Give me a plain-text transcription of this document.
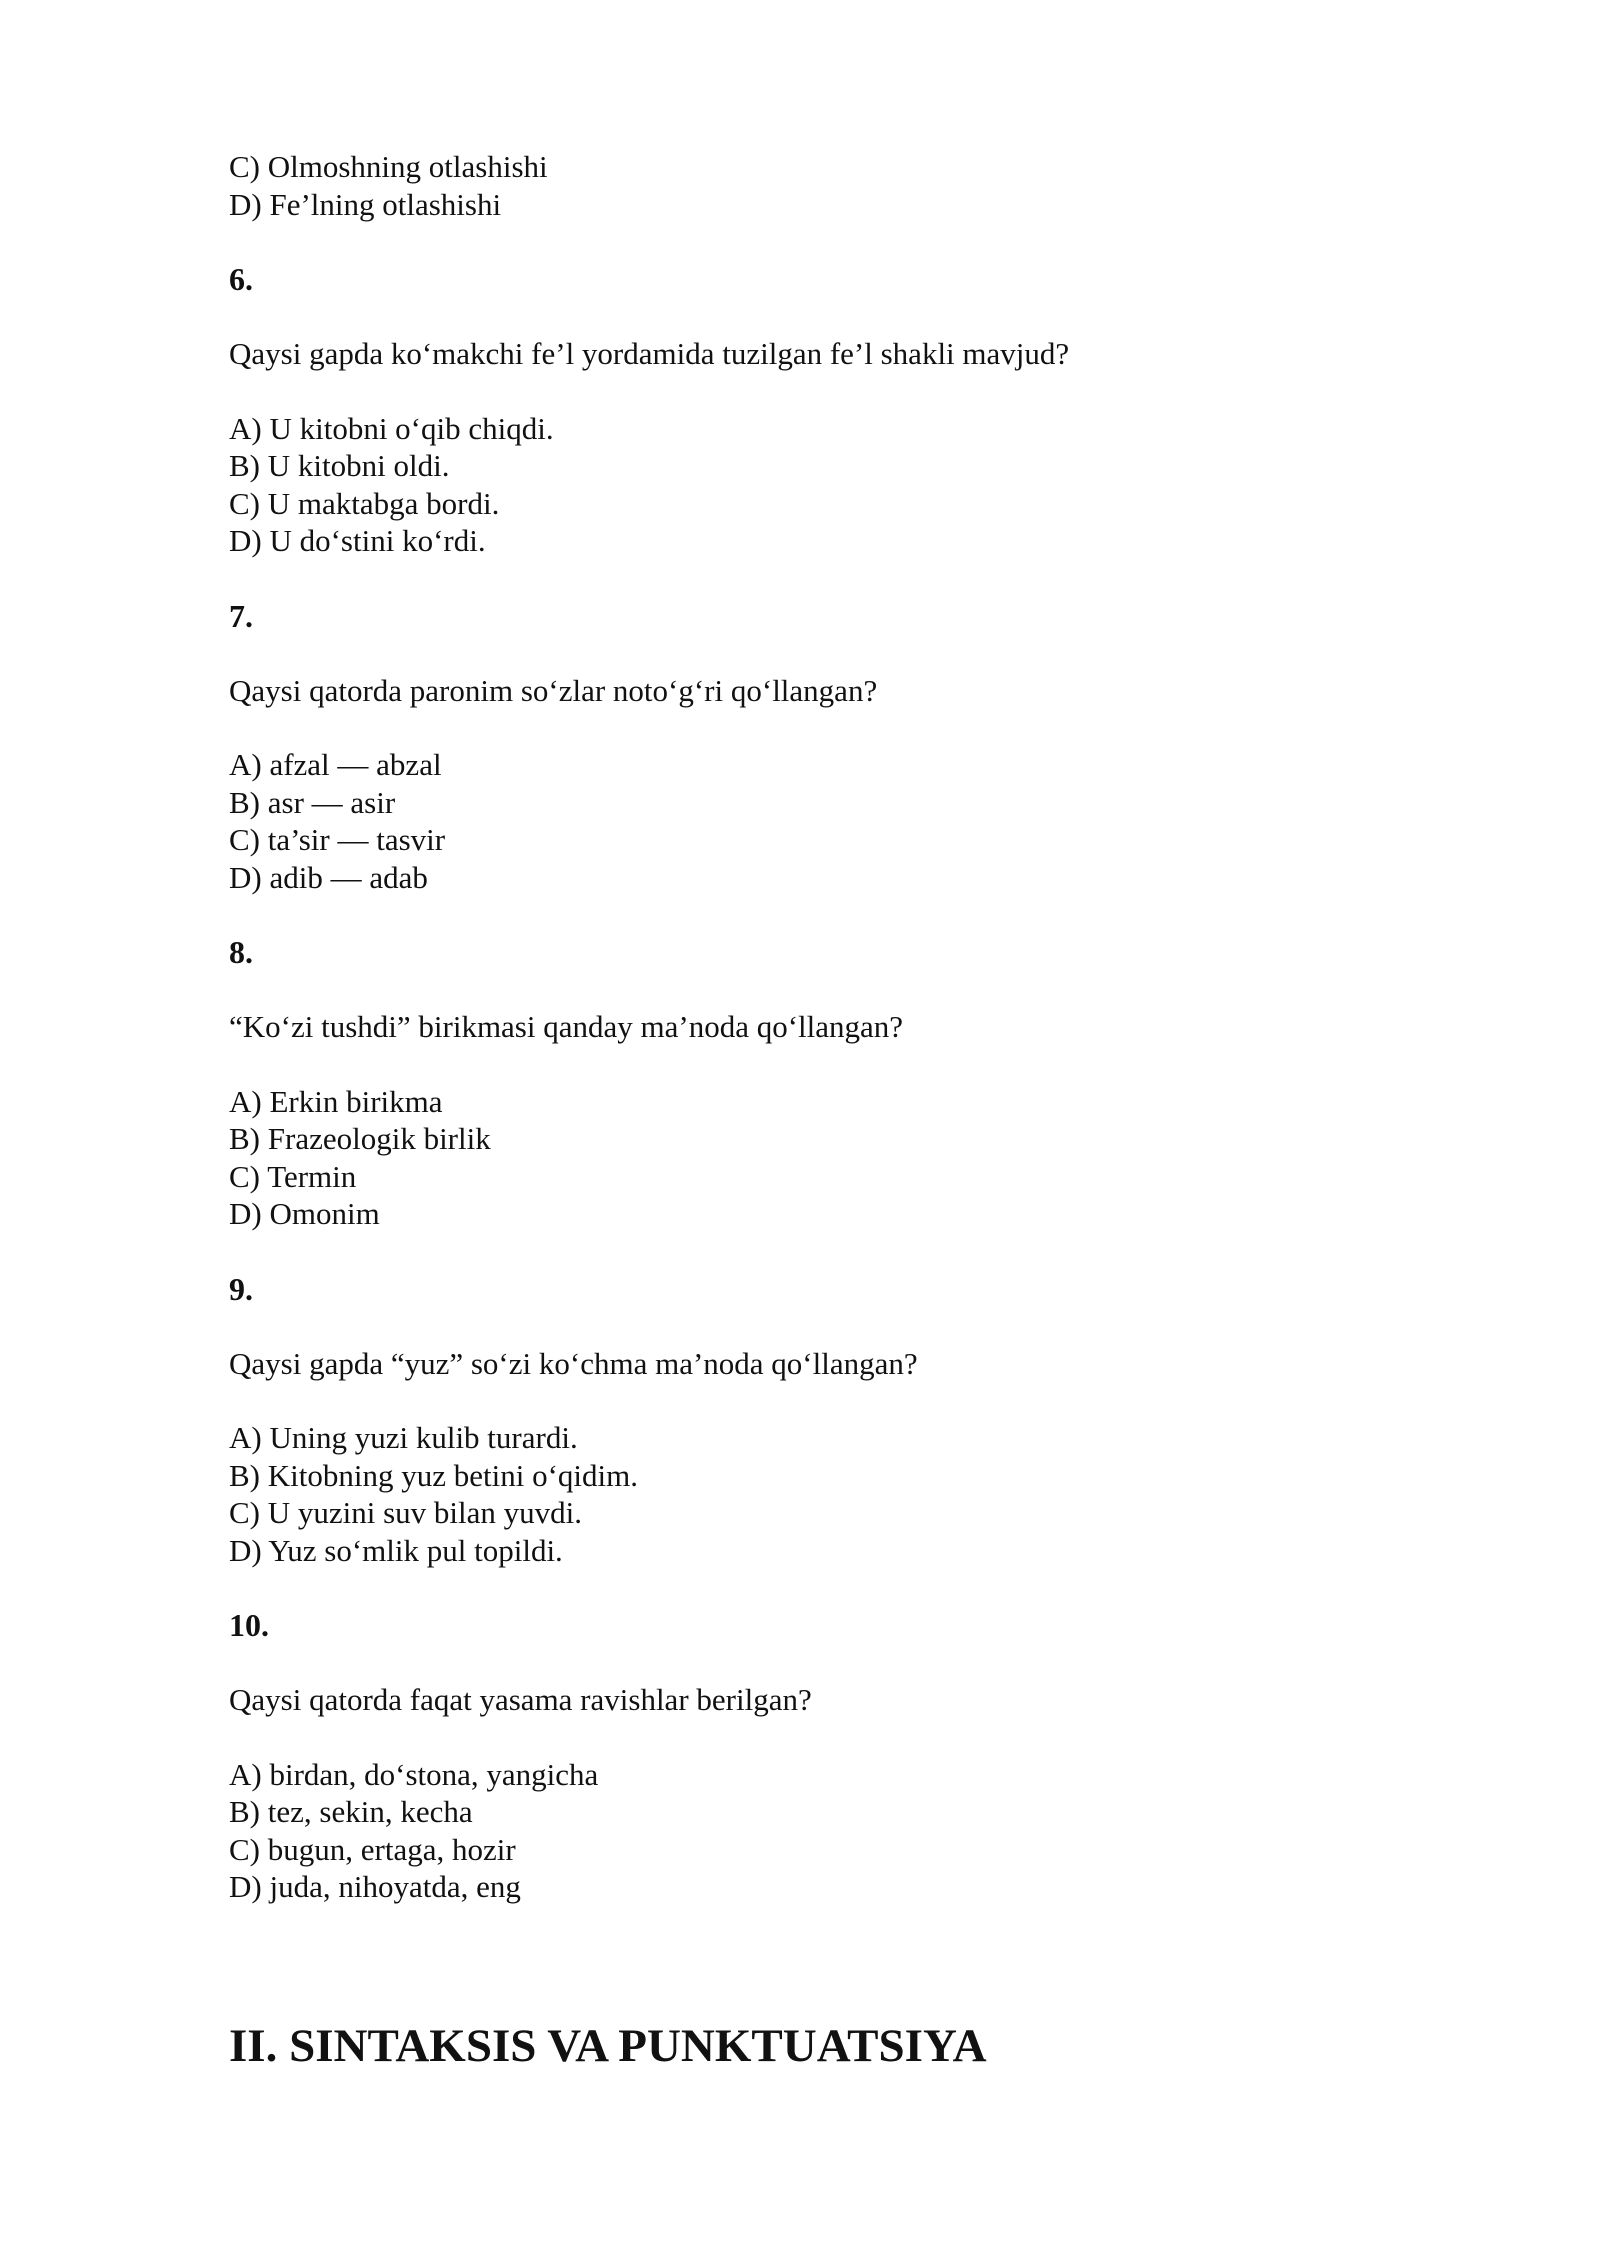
C) Olmoshning otlashishi

D) Fe’lning otlashishi

6.

Qaysi gapda ko‘makchi fe’l yordamida tuzilgan fe’l shakli mavjud?

A) U kitobni o‘qib chiqdi.

B) U kitobni oldi.

C) U maktabga bordi.

D) U do‘stini ko‘rdi.

7.

Qaysi qatorda paronim so‘zlar noto‘g‘ri qo‘llangan?

A) afzal — abzal

B) asr — asir

C) ta’sir — tasvir

D) adib — adab

8.

“Ko‘zi tushdi” birikmasi qanday ma’noda qo‘llangan?

A) Erkin birikma

B) Frazeologik birlik

C) Termin

D) Omonim

9.

Qaysi gapda “yuz” so‘zi ko‘chma ma’noda qo‘llangan?

A) Uning yuzi kulib turardi.

B) Kitobning yuz betini o‘qidim.

C) U yuzini suv bilan yuvdi.

D) Yuz so‘mlik pul topildi.

10.

Qaysi qatorda faqat yasama ravishlar berilgan?

A) birdan, do‘stona, yangicha

B) tez, sekin, kecha

C) bugun, ertaga, hozir

D) juda, nihoyatda, eng

II. SINTAKSIS VA PUNKTUATSIYA
